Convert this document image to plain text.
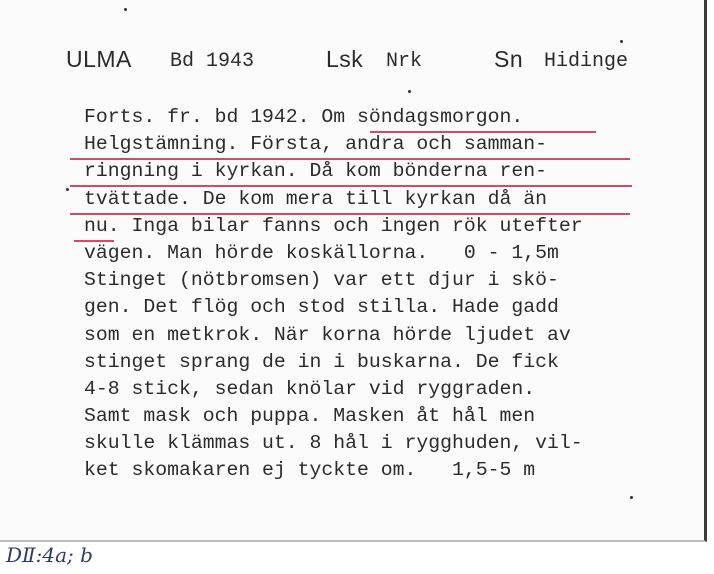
ULMA Bd 1943	Lsk Nrk	Sn Hidinge
Forts. fr. bd 1942. Om söndagsmorgon.
Helgstämning. Första, andra och samman-
ringning i kyrkan. Då kom bönderna ren-
tvättade. De kom mera till kyrkan då än
nu. Inga bilar fanns och ingen rök utefter
vägen. Man hörde koskällorna.   0 - 1,5m
Stinget (nötbromsen) var ett djur i skö-
gen. Det flög och stod stilla. Hade gadd
som en metkrok. När korna hörde ljudet av
stinget sprang de in i buskarna. De fick
4-8 stick, sedan knölar vid ryggraden.
Samt mask och puppa. Masken åt hål men
skulle klämmas ut. 8 hål i rygghuden, vil-
ket skomakaren ej tyckte om.   1,5-5 m
DⅡ:4a; b
